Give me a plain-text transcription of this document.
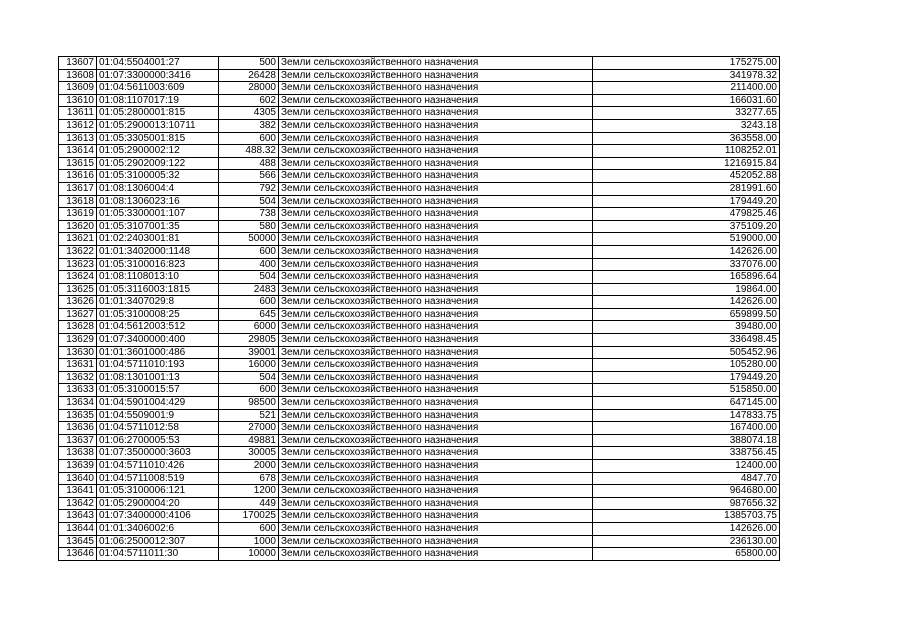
13607	01:04:5504001:27	500	Земли сельскохозяйственного назначения	175275.00
13608	01:07:3300000:3416	26428	Земли сельскохозяйственного назначения	341978.32
13609	01:04:5611003:609	28000	Земли сельскохозяйственного назначения	211400.00
13610	01:08:1107017:19	602	Земли сельскохозяйственного назначения	166031.60
13611	01:05:2800001:815	4305	Земли сельскохозяйственного назначения	33277.65
13612	01:05:2900013:10711	382	Земли сельскохозяйственного назначения	3243.18
13613	01:05:3305001:815	600	Земли сельскохозяйственного назначения	363558.00
13614	01:05:2900002:12	488.32	Земли сельскохозяйственного назначения	1108252.01
13615	01:05:2902009:122	488	Земли сельскохозяйственного назначения	1216915.84
13616	01:05:3100005:32	566	Земли сельскохозяйственного назначения	452052.88
13617	01:08:1306004:4	792	Земли сельскохозяйственного назначения	281991.60
13618	01:08:1306023:16	504	Земли сельскохозяйственного назначения	179449.20
13619	01:05:3300001:107	738	Земли сельскохозяйственного назначения	479825.46
13620	01:05:3107001:35	580	Земли сельскохозяйственного назначения	375109.20
13621	01:02:2403001:81	50000	Земли сельскохозяйственного назначения	519000.00
13622	01:01:3402000:1148	600	Земли сельскохозяйственного назначения	142626.00
13623	01:05:3100016:823	400	Земли сельскохозяйственного назначения	337076.00
13624	01:08:1108013:10	504	Земли сельскохозяйственного назначения	165896.64
13625	01:05:3116003:1815	2483	Земли сельскохозяйственного назначения	19864.00
13626	01:01:3407029:8	600	Земли сельскохозяйственного назначения	142626.00
13627	01:05:3100008:25	645	Земли сельскохозяйственного назначения	659899.50
13628	01:04:5612003:512	6000	Земли сельскохозяйственного назначения	39480.00
13629	01:07:3400000:400	29805	Земли сельскохозяйственного назначения	336498.45
13630	01:01:3601000:486	39001	Земли сельскохозяйственного назначения	505452.96
13631	01:04:5711010:193	16000	Земли сельскохозяйственного назначения	105280.00
13632	01:08:1301001:13	504	Земли сельскохозяйственного назначения	179449.20
13633	01:05:3100015:57	600	Земли сельскохозяйственного назначения	515850.00
13634	01:04:5901004:429	98500	Земли сельскохозяйственного назначения	647145.00
13635	01:04:5509001:9	521	Земли сельскохозяйственного назначения	147833.75
13636	01:04:5711012:58	27000	Земли сельскохозяйственного назначения	167400.00
13637	01:06:2700005:53	49881	Земли сельскохозяйственного назначения	388074.18
13638	01:07:3500000:3603	30005	Земли сельскохозяйственного назначения	338756.45
13639	01:04:5711010:426	2000	Земли сельскохозяйственного назначения	12400.00
13640	01:04:5711008:519	678	Земли сельскохозяйственного назначения	4847.70
13641	01:05:3100006:121	1200	Земли сельскохозяйственного назначения	964680.00
13642	01:05:2900004:20	449	Земли сельскохозяйственного назначения	987656.32
13643	01:07:3400000:4106	170025	Земли сельскохозяйственного назначения	1385703.75
13644	01:01:3406002:6	600	Земли сельскохозяйственного назначения	142626.00
13645	01:06:2500012:307	1000	Земли сельскохозяйственного назначения	236130.00
13646	01:04:5711011:30	10000	Земли сельскохозяйственного назначения	65800.00
